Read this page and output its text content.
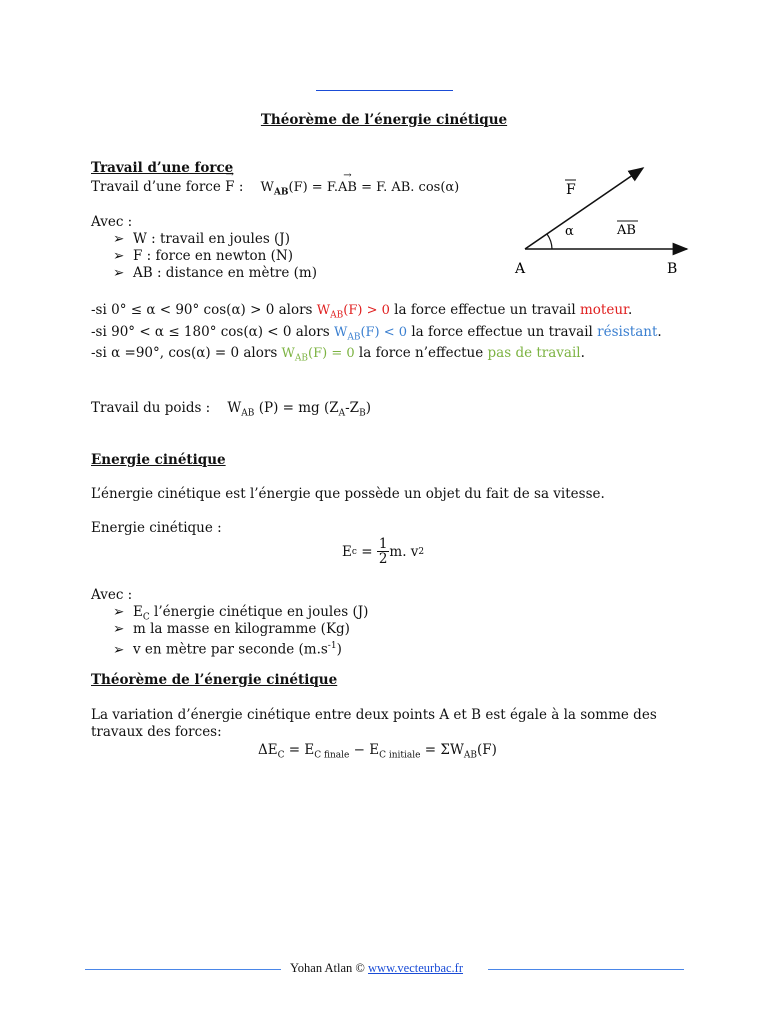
Théorème de l’énergie cinétique
Travail d’une force
Travail d’une force → F : $W_{AB}(F) = F.\to$ AB = F. AB. cos(α)
Avec :
➢ W : travail en joules (J)
➢ F : force en newton (N)
➢ AB : distance en mètre (m)
F
α	AB
A	B
-si 0° ≤ α < 90° cos(α) > 0 alors $W_{AB}(F) > 0$ la force effectue un travail moteur.
-si 90° < α ≤ 180° cos(α) < 0 alors $W_{AB}(F) < 0$ la force effectue un travail résistant.
-si α =90°, cos(α) = 0 alors $W_{AB}(F) = 0$ la force n’effectue pas de travail.
Travail du poids : $W_{AB}$ (P) = mg $(Z_A-Z_B)$
Energie cinétique
L’énergie cinétique est l’énergie que possède un objet du fait de sa vitesse.
Energie cinétique :
E $c = \frac{1}{2} m$. v 2
Avec :
➢ $E_C$ l’énergie cinétique en joules (J)
➢ m la masse en kilogramme (Kg)
➢ v en mètre par seconde $(m.s^{-1})$
Théorème de l’énergie cinétique
La variation d’énergie cinétique entre deux points A et B est égale à la somme des
travaux des forces:
$\Delta E_C = E_{C finale} - E_{C initiale} = \Sigma W_{AB}(F)$
Yohan Atlan © www.vecteurbac.fr
